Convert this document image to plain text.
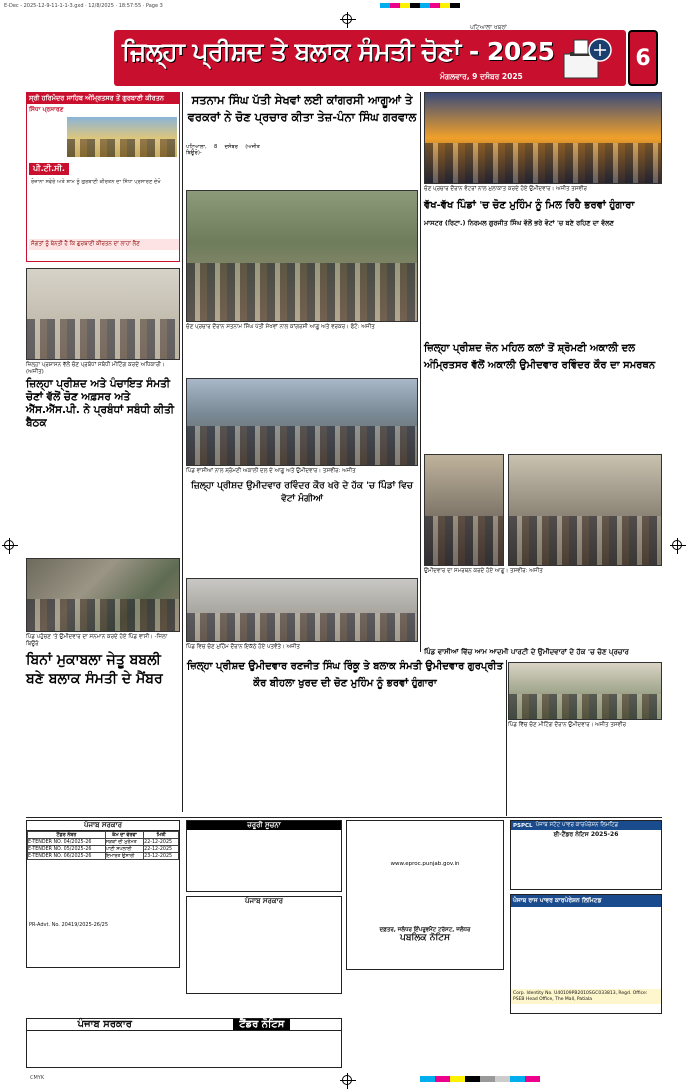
E-Dec - 2025-12-9-11-1-1-3.gxd · 12/8/2025 · 18:57:55 · Page 3
CMYK
ਪਟਿਆਲਾ ਖਬਰਾਂ
ਜ਼ਿਲ੍ਹਾ ਪ੍ਰੀਸ਼ਦ ਤੇ ਬਲਾਕ ਸੰਮਤੀ ਚੋਣਾਂ - 2025
ਮੰਗਲਵਾਰ, 9 ਦਸੰਬਰ 2025
6
ਸ੍ਰੀ ਹਰਿਮੰਦਰ ਸਾਹਿਬ ਅੰਮ੍ਰਿਤਸਰ ਤੋਂ ਗੁਰਬਾਣੀ ਕੀਰਤਨ
ਸਿੱਧਾ ਪ੍ਰਸਾਰਣ
ਪੀ.ਟੀ.ਸੀ.
ਰੋਜ਼ਾਨਾ ਸਵੇਰੇ ਅਤੇ ਸ਼ਾਮ ਨੂੰ ਗੁਰਬਾਣੀ ਕੀਰਤਨ ਦਾ ਸਿੱਧਾ ਪ੍ਰਸਾਰਣ ਦੇਖੋ
ਸੰਗਤਾਂ ਨੂੰ ਬੇਨਤੀ ਹੈ ਕਿ ਗੁਰਬਾਣੀ ਕੀਰਤਨ ਦਾ ਲਾਹਾ ਲੈਣ
ਜ਼ਿਲ੍ਹਾ ਪ੍ਰਸ਼ਾਸਨ ਵੱਲੋਂ ਚੋਣ ਪ੍ਰਬੰਧਾਂ ਸਬੰਧੀ ਮੀਟਿੰਗ ਕਰਦੇ ਅਧਿਕਾਰੀ। (ਅਜੀਤ)
ਜ਼ਿਲ੍ਹਾ ਪ੍ਰੀਸ਼ਦ ਅਤੇ ਪੰਚਾਇਤ ਸੰਮਤੀ ਚੋਣਾਂ ਵੱਲੋਂ ਚੋਣ ਅਫ਼ਸਰ ਅਤੇ ਐੱਸ.ਐੱਸ.ਪੀ. ਨੇ ਪ੍ਰਬੰਧਾਂ ਸਬੰਧੀ ਕੀਤੀ ਬੈਠਕ
ਪਿੰਡ ਪਹੁੰਚਣ 'ਤੇ ਉਮੀਦਵਾਰ ਦਾ ਸਨਮਾਨ ਕਰਦੇ ਹੋਏ ਪਿੰਡ ਵਾਸੀ। -ਜਿਲਾ ਬਿਊਰੋ
ਬਿਨਾਂ ਮੁਕਾਬਲਾ ਜੇਤੂ ਬਬਲੀ ਬਣੇ ਬਲਾਕ ਸੰਮਤੀ ਦੇ ਮੈਂਬਰ
ਸਤਨਾਮ ਸਿੰਘ ਪੱਤੀ ਸੇਖਵਾਂ ਲਈ ਕਾਂਗਰਸੀ ਆਗੂਆਂ ਤੇ ਵਰਕਰਾਂ ਨੇ ਚੋਣ ਪ੍ਰਚਾਰ ਕੀਤਾ ਤੇਜ਼-ਪੰਨਾ ਸਿੰਘ ਗਰਵਾਲ
ਪਟਿਆਲਾ, 8 ਦਸੰਬਰ (ਅਜੀਤ ਬਿਊਰੋ)-
ਚੋਣ ਪ੍ਰਚਾਰ ਦੌਰਾਨ ਸਤਨਾਮ ਸਿੰਘ ਪੱਤੀ ਸੇਖਵਾਂ ਨਾਲ ਕਾਂਗਰਸੀ ਆਗੂ ਅਤੇ ਵਰਕਰ। ਫੋਟੋ: ਅਜੀਤ
ਪਿੰਡ ਵਾਸੀਆਂ ਨਾਲ ਸ਼੍ਰੋਮਣੀ ਅਕਾਲੀ ਦਲ ਦੇ ਆਗੂ ਅਤੇ ਉਮੀਦਵਾਰ। ਤਸਵੀਰ: ਅਜੀਤ
ਜ਼ਿਲ੍ਹਾ ਪ੍ਰੀਸ਼ਦ ਉਮੀਦਵਾਰ ਰਵਿੰਦਰ ਕੌਰ ਖਰੇ ਦੇ ਹੱਕ 'ਚ ਪਿੰਡਾਂ ਵਿਚ ਵੋਟਾਂ ਮੰਗੀਆਂ
ਪਿੰਡ ਵਿਚ ਚੋਣ ਮੁਹਿੰਮ ਦੌਰਾਨ ਇਕੱਠੇ ਹੋਏ ਪਤਵੰਤੇ। ਅਜੀਤ
ਜ਼ਿਲ੍ਹਾ ਪ੍ਰੀਸ਼ਦ ਉਮੀਦਵਾਰ ਰਣਜੀਤ ਸਿੰਘ ਰਿੰਕੂ ਤੇ ਬਲਾਕ ਸੰਮਤੀ ਉਮੀਦਵਾਰ ਗੁਰਪ੍ਰੀਤ ਕੌਰ ਬੀਹਲਾ ਖੁਰਦ ਦੀ ਚੋਣ ਮੁਹਿੰਮ ਨੂੰ ਭਰਵਾਂ ਹੁੰਗਾਰਾ
ਚੋਣ ਪ੍ਰਚਾਰ ਦੌਰਾਨ ਵੋਟਰਾਂ ਨਾਲ ਮੁਲਾਕਾਤ ਕਰਦੇ ਹੋਏ ਉਮੀਦਵਾਰ। ਅਜੀਤ ਤਸਵੀਰ
ਵੱਖ-ਵੱਖ ਪਿੰਡਾਂ 'ਚ ਚੋਣ ਮੁਹਿੰਮ ਨੂੰ ਮਿਲ ਰਿਹੈ ਭਰਵਾਂ ਹੁੰਗਾਰਾ
ਮਾਸਟਰ (ਰਿਟਾ.) ਨਿਰਮਲ ਗੁਰਜੀਤ ਸਿੰਘ ਵੱਲੋਂ ਭਰੇ ਵੋਟਾਂ 'ਚ ਬਣੇ ਰਹਿਣ ਦਾ ਵੱਲਣ
ਜ਼ਿਲ੍ਹਾ ਪ੍ਰੀਸ਼ਦ ਜ਼ੋਨ ਮਹਿਲ ਕਲਾਂ ਤੋਂ ਸ਼੍ਰੋਮਣੀ ਅਕਾਲੀ ਦਲ ਅੰਮ੍ਰਿਤਸਰ ਵੱਲੋਂ ਅਕਾਲੀ ਉਮੀਦਵਾਰ ਰਵਿੰਦਰ ਕੌਰ ਦਾ ਸਮਰਥਨ
ਉਮੀਦਵਾਰ ਦਾ ਸਮਰਥਨ ਕਰਦੇ ਹੋਏ ਆਗੂ। ਤਸਵੀਰ: ਅਜੀਤ
ਪਿੰਡ ਵਾਸੀਆਂ ਵਿੱਚ ਆਮ ਆਦਮੀ ਪਾਰਟੀ ਦੇ ਉਮੀਦਵਾਰਾਂ ਦੇ ਹੱਕ 'ਚ ਚੋਣ ਪ੍ਰਚਾਰ
ਪਿੰਡ ਵਿੱਚ ਚੋਣ ਮੀਟਿੰਗ ਦੌਰਾਨ ਉਮੀਦਵਾਰ। ਅਜੀਤ ਤਸਵੀਰ
ਪੰਜਾਬ ਸਰਕਾਰ
ਟੈਂਡਰ ਨੰਬਰ	ਕੰਮ ਦਾ ਵੇਰਵਾ	ਮਿਤੀ
E-TENDER NO. 04/2025-26	ਸੜਕਾਂ ਦੀ ਮੁਰੰਮਤ	22-12-2025
E-TENDER NO. 05/2025-26	ਪਾਣੀ ਸਪਲਾਈ	22-12-2025
E-TENDER NO. 06/2025-26	ਇਮਾਰਤ ਉਸਾਰੀ	23-12-2025
PR-Advt. No. 20419/2025-26/25
ਜ਼ਰੂਰੀ ਸੂਚਨਾ
ਪੰਜਾਬ ਸਰਕਾਰ
www.eproc.punjab.gov.in
ਦਫ਼ਤਰ, ਜਲੰਧਰ ਇੰਪਰੂਵਮੈਂਟ ਟਰੱਸਟ, ਜਲੰਧਰ
ਪਬਲਿਕ ਨੋਟਿਸ
PSPCL ਪੰਜਾਬ ਸਟੇਟ ਪਾਵਰ ਕਾਰਪੋਰੇਸ਼ਨ ਲਿਮਟਿਡ
ਈ-ਟੈਂਡਰ ਨੋਟਿਸ 2025-26
ਪੰਜਾਬ ਰਾਜ ਪਾਵਰ ਕਾਰਪੋਰੇਸ਼ਨ ਲਿਮਿਟਡ
Corp. Identity No. U40109PB2010SGC033813, Regd. Office: PSEB Head Office, The Mall, Patiala
ਪੰਜਾਬ ਸਰਕਾਰ	ਟੈਂਡਰ ਨੋਟਿਸ
